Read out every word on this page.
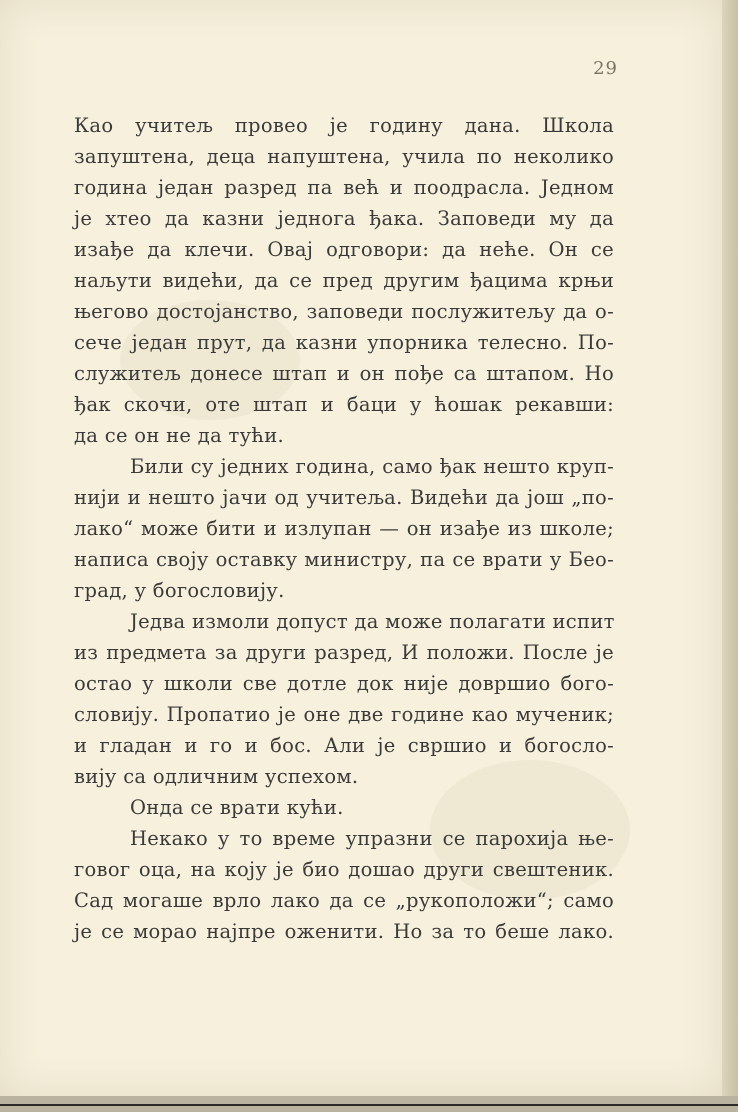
29
Као учитељ провео је годину дана. Школа
запуштена, деца напуштена, учила по неколико
година један разред па већ и поодрасла. Једном
је хтео да казни једнога ђака. Заповеди му да
изађе да клечи. Овај одговори: да неће. Он се
наљути видећи, да се пред другим ђацима крњи
његово достојанство, заповеди послужитељу да о-
сече један прут, да казни упорника телесно. По-
служитељ донесе штап и он пође са штапом. Но
ђак скочи, оте штап и баци у ћошак рекавши:
да се он не да тући.
Били су једних година, само ђак нешто круп-
нији и нешто јачи од учитеља. Видећи да још „по-
лако“ може бити и излупан — он изађе из школе;
написа своју оставку министру, па се врати у Бео-
град, у богословију.
Једва измоли допуст да може полагати испит
из предмета за други разред, И положи. После је
остао у школи све дотле док није довршио бого-
словију. Пропатио је оне две године као мученик;
и гладан и го и бос. Али је свршио и богосло-
вију са одличним успехом.
Онда се врати кући.
Некако у то време упразни се парохија ње-
говог оца, на коју је био дошао други свештеник.
Сад могаше врло лако да се „рукоположи“; само
је се морао најпре оженити. Но за то беше лако.
